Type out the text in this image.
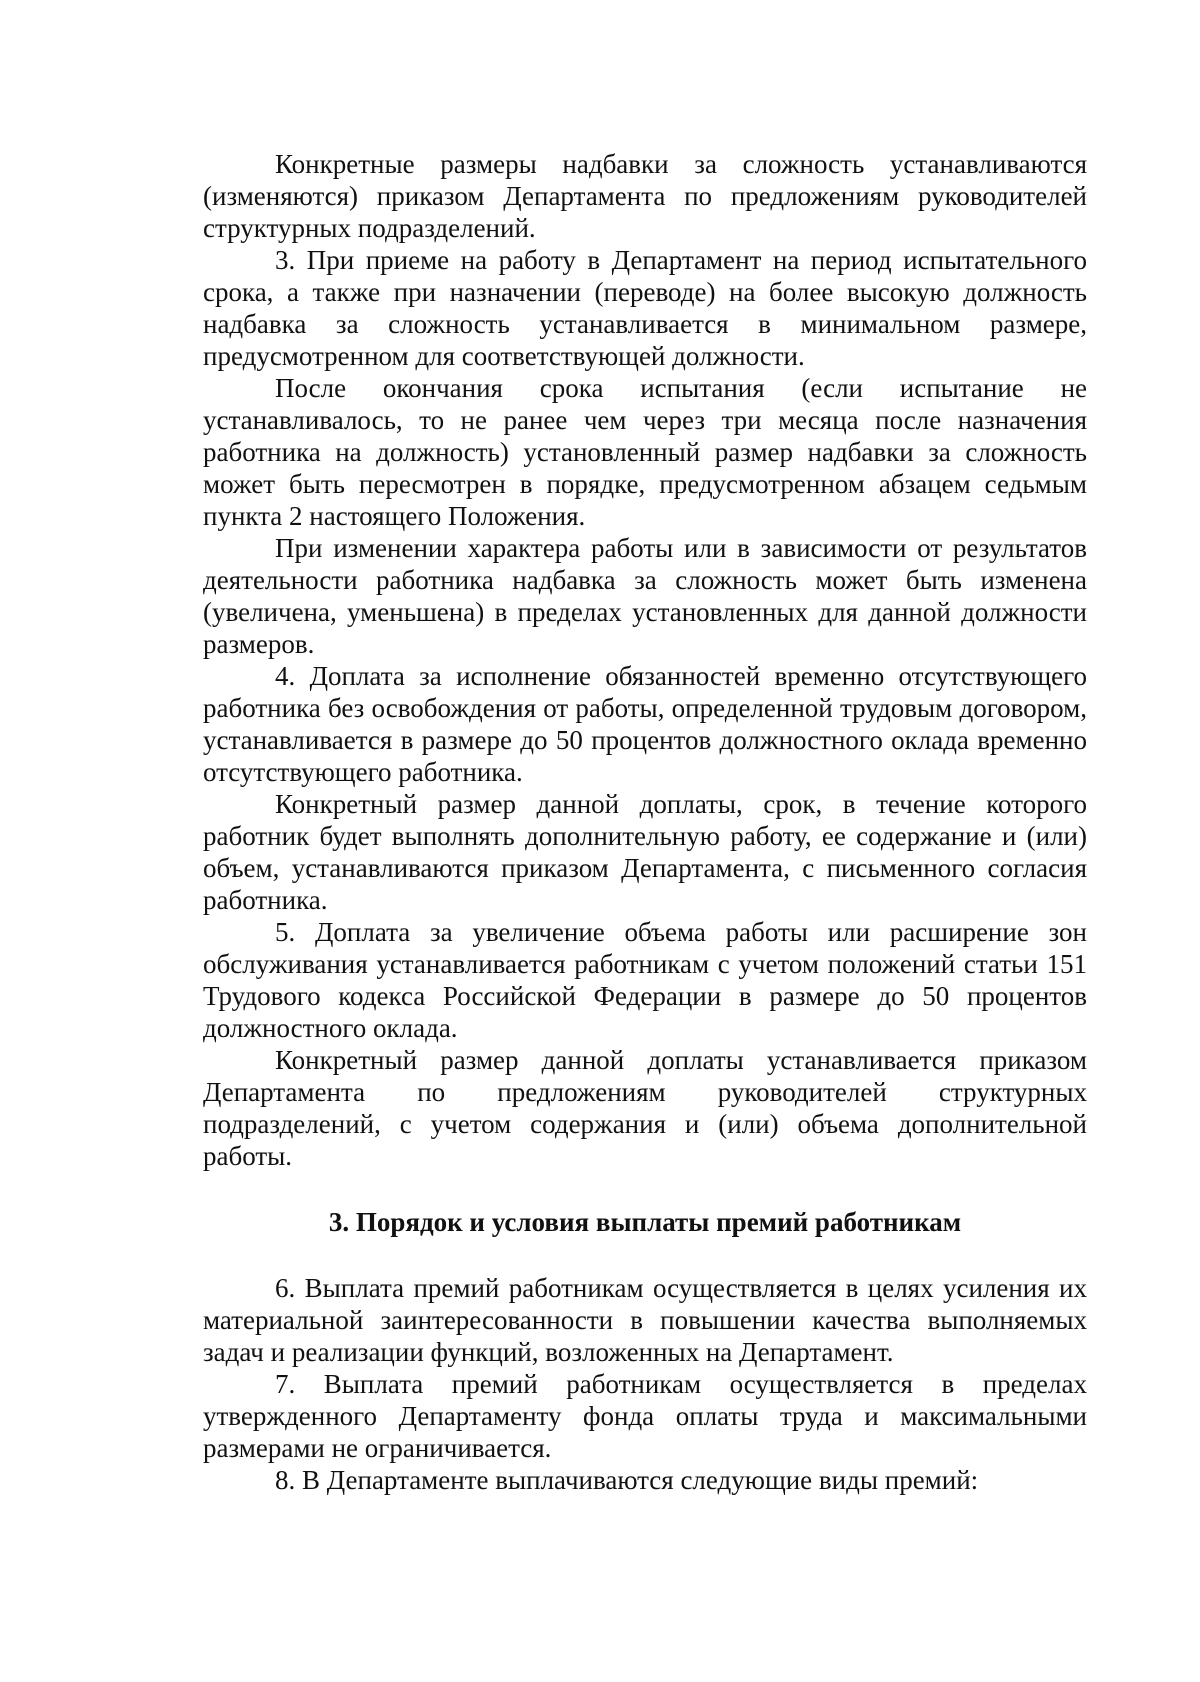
Конкретные размеры надбавки за сложность устанавливаются (изменяются) приказом Департамента по предложениям руководителей структурных подразделений.

3. При приеме на работу в Департамент на период испытательного срока, а также при назначении (переводе) на более высокую должность надбавка за сложность устанавливается в минимальном размере, предусмотренном для соответствующей должности.

После окончания срока испытания (если испытание не устанавливалось, то не ранее чем через три месяца после назначения работника на должность) установленный размер надбавки за сложность может быть пересмотрен в порядке, предусмотренном абзацем седьмым пункта 2 настоящего Положения.

При изменении характера работы или в зависимости от результатов деятельности работника надбавка за сложность может быть изменена (увеличена, уменьшена) в пределах установленных для данной должности размеров.

4. Доплата за исполнение обязанностей временно отсутствующего работника без освобождения от работы, определенной трудовым договором, устанавливается в размере до 50 процентов должностного оклада временно отсутствующего работника.

Конкретный размер данной доплаты, срок, в течение которого работник будет выполнять дополнительную работу, ее содержание и (или) объем, устанавливаются приказом Департамента, с письменного согласия работника.

5. Доплата за увеличение объема работы или расширение зон обслуживания устанавливается работникам с учетом положений статьи 151 Трудового кодекса Российской Федерации в размере до 50 процентов должностного оклада.

Конкретный размер данной доплаты устанавливается приказом Департамента по предложениям руководителей структурных подразделений, с учетом содержания и (или) объема дополнительной работы.

3. Порядок и условия выплаты премий работникам

6. Выплата премий работникам осуществляется в целях усиления их материальной заинтересованности в повышении качества выполняемых задач и реализации функций, возложенных на Департамент.

7. Выплата премий работникам осуществляется в пределах утвержденного Департаменту фонда оплаты труда и максимальными размерами не ограничивается.

8. В Департаменте выплачиваются следующие виды премий:
